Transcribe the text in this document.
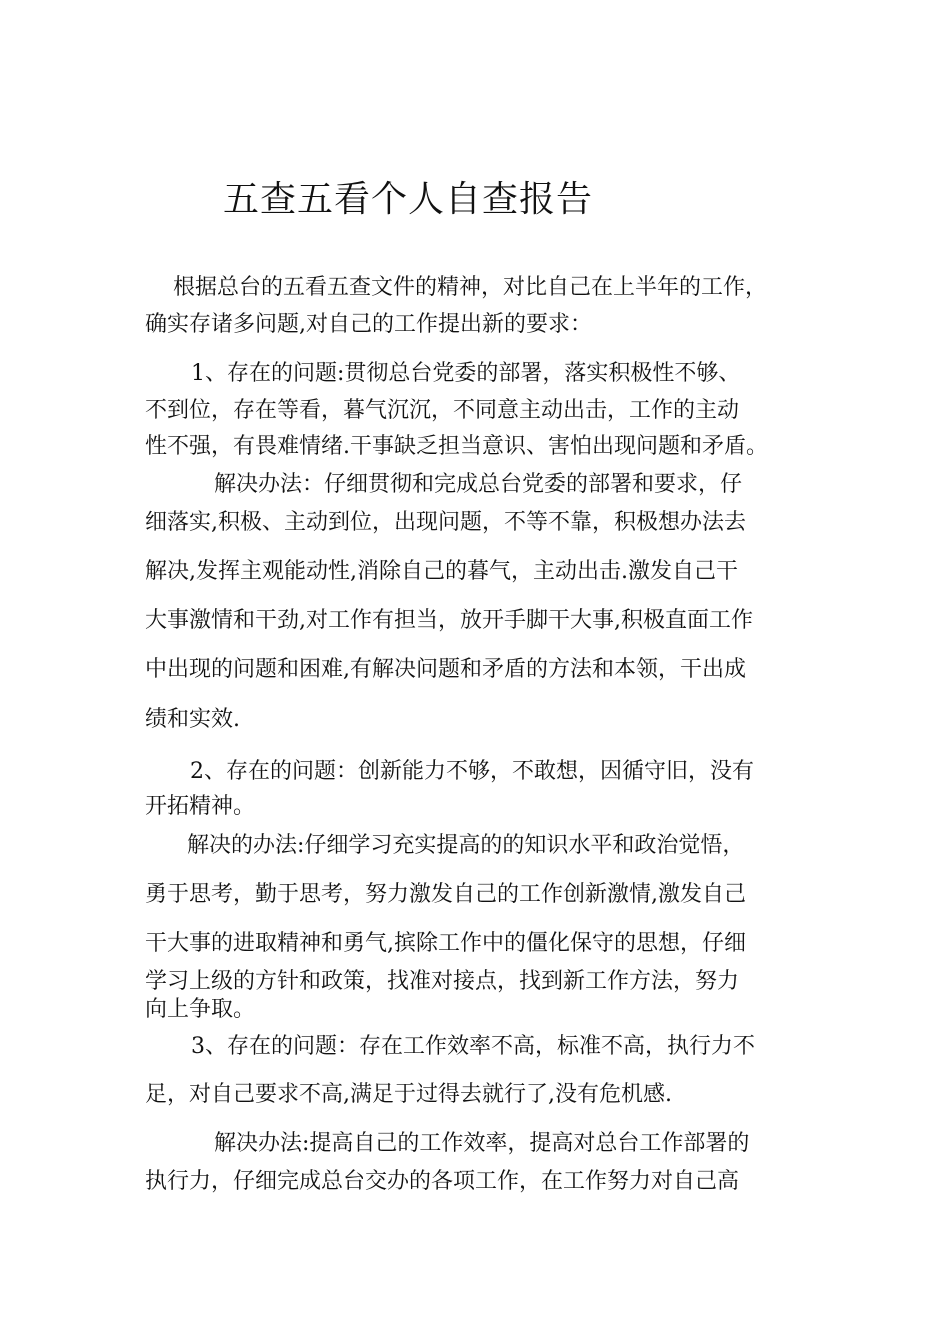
五查五看个人自查报告
根据总台的五看五查文件的精神，对比自己在上半年的工作，
确实存诸多问题,对自己的工作提出新的要求：
1、存在的问题:贯彻总台党委的部署，落实积极性不够、
不到位，存在等看，暮气沉沉，不同意主动出击，工作的主动
性不强，有畏难情绪.干事缺乏担当意识、害怕出现问题和矛盾。
解决办法：仔细贯彻和完成总台党委的部署和要求，仔
细落实,积极、主动到位，出现问题，不等不靠，积极想办法去
解决,发挥主观能动性,消除自己的暮气，主动出击.激发自己干
大事激情和干劲,对工作有担当，放开手脚干大事,积极直面工作
中出现的问题和困难,有解决问题和矛盾的方法和本领，干出成
绩和实效.
2、存在的问题：创新能力不够，不敢想，因循守旧，没有
开拓精神。
解决的办法:仔细学习充实提高的的知识水平和政治觉悟，
勇于思考，勤于思考，努力激发自己的工作创新激情,激发自己
干大事的进取精神和勇气,摈除工作中的僵化保守的思想，仔细
学习上级的方针和政策，找准对接点，找到新工作方法，努力
向上争取。
3、存在的问题：存在工作效率不高，标准不高，执行力不
足，对自己要求不高,满足于过得去就行了,没有危机感.
解决办法:提高自己的工作效率，提高对总台工作部署的
执行力，仔细完成总台交办的各项工作，在工作努力对自己高
